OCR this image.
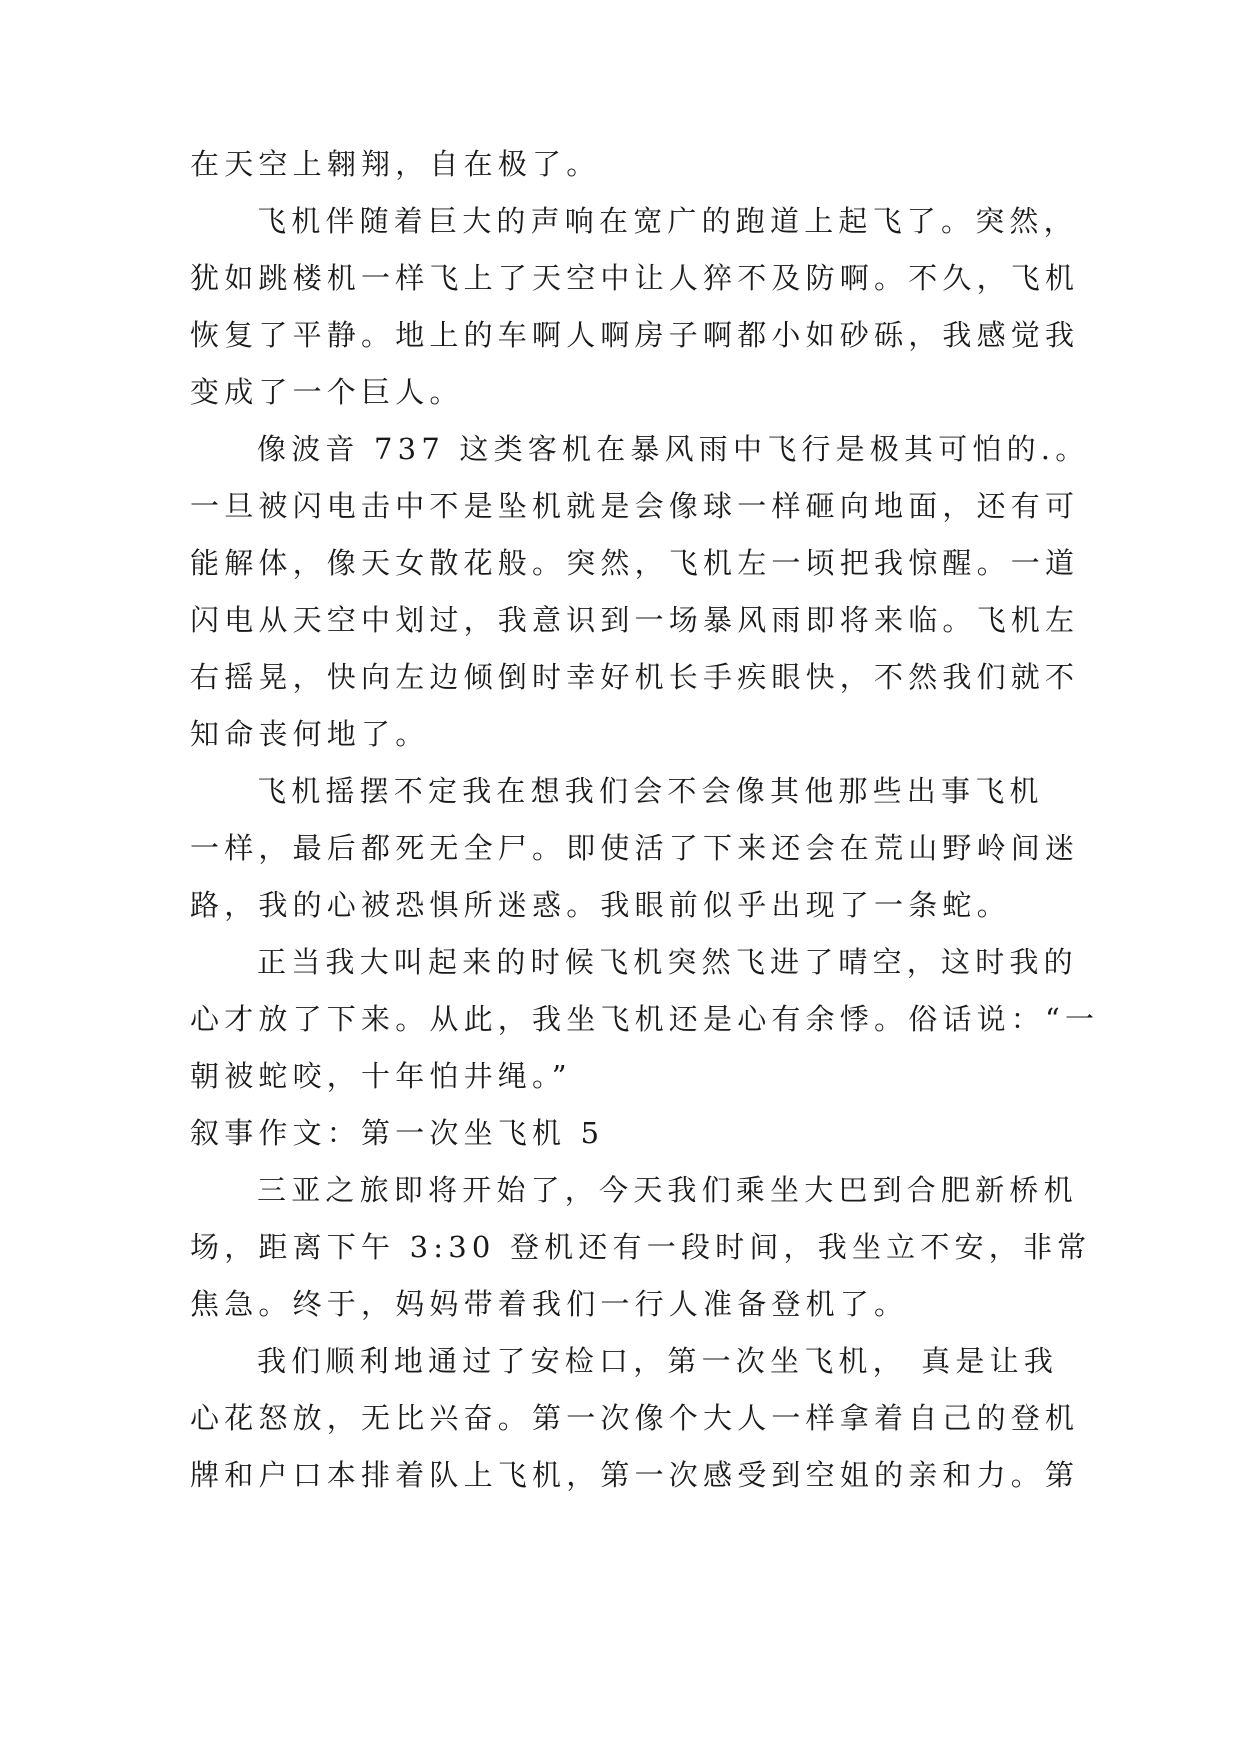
在天空上翱翔，自在极了。
飞机伴随着巨大的声响在宽广的跑道上起飞了。突然，
犹如跳楼机一样飞上了天空中让人猝不及防啊。不久，飞机
恢复了平静。地上的车啊人啊房子啊都小如砂砾，我感觉我
变成了一个巨人。
像波音 737 这类客机在暴风雨中飞行是极其可怕的.。
一旦被闪电击中不是坠机就是会像球一样砸向地面，还有可
能解体，像天女散花般。突然，飞机左一顷把我惊醒。一道
闪电从天空中划过，我意识到一场暴风雨即将来临。飞机左
右摇晃，快向左边倾倒时幸好机长手疾眼快，不然我们就不
知命丧何地了。
飞机摇摆不定我在想我们会不会像其他那些出事飞机
一样，最后都死无全尸。即使活了下来还会在荒山野岭间迷
路，我的心被恐惧所迷惑。我眼前似乎出现了一条蛇。
正当我大叫起来的时候飞机突然飞进了晴空，这时我的
心才放了下来。从此，我坐飞机还是心有余悸。俗话说：“一
朝被蛇咬，十年怕井绳。”
叙事作文：第一次坐飞机 5
三亚之旅即将开始了，今天我们乘坐大巴到合肥新桥机
场，距离下午 3:30 登机还有一段时间，我坐立不安，非常
焦急。终于，妈妈带着我们一行人准备登机了。
我们顺利地通过了安检口，第一次坐飞机， 真是让我
心花怒放，无比兴奋。第一次像个大人一样拿着自己的登机
牌和户口本排着队上飞机，第一次感受到空姐的亲和力。第
